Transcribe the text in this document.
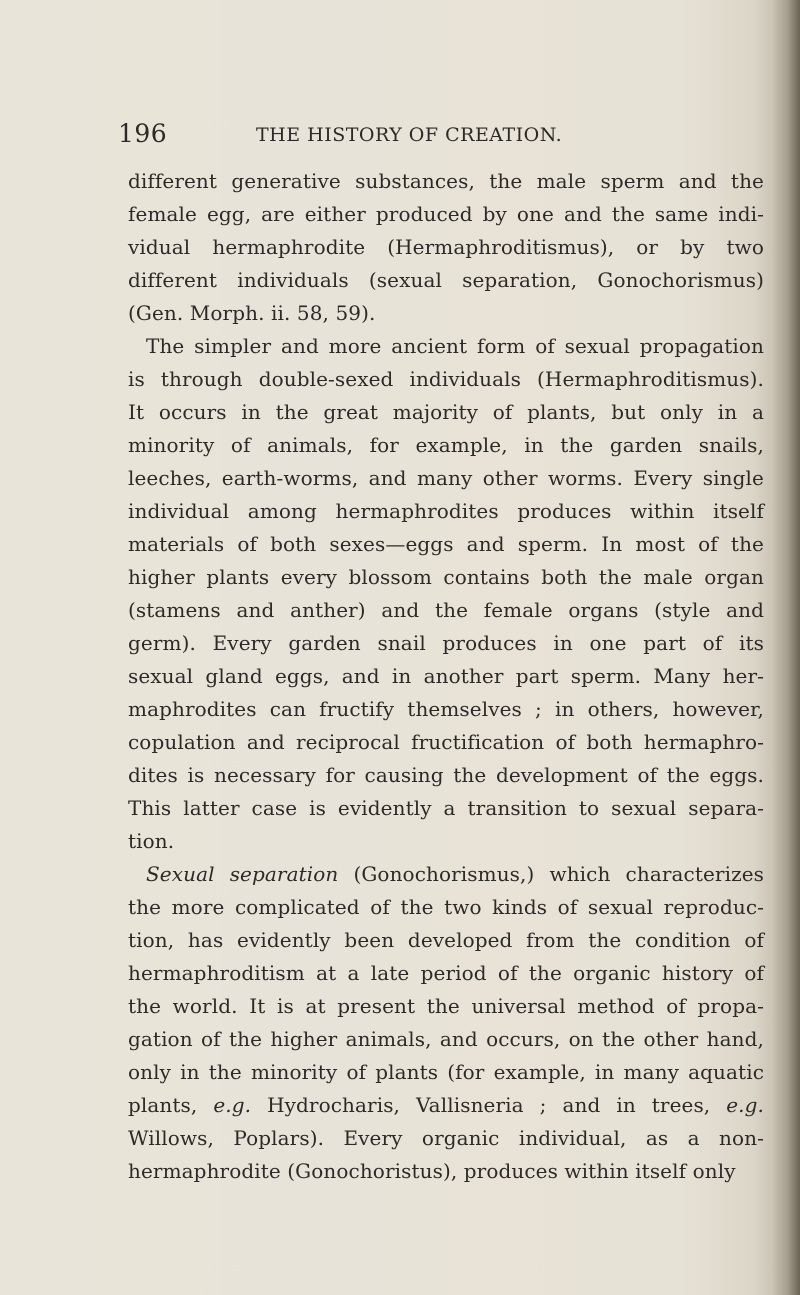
196	THE HISTORY OF CREATION.
different generative substances, the male sperm and the
female egg, are either produced by one and the same indi-
vidual hermaphrodite (Hermaphroditismus), or by two
different individuals (sexual separation, Gonochorismus)
(Gen. Morph. ii. 58, 59).
The simpler and more ancient form of sexual propagation
is through double-sexed individuals (Hermaphroditismus).
It occurs in the great majority of plants, but only in a
minority of animals, for example, in the garden snails,
leeches, earth-worms, and many other worms. Every single
individual among hermaphrodites produces within itself
materials of both sexes—eggs and sperm. In most of the
higher plants every blossom contains both the male organ
(stamens and anther) and the female organs (style and
germ). Every garden snail produces in one part of its
sexual gland eggs, and in another part sperm. Many her-
maphrodites can fructify themselves ; in others, however,
copulation and reciprocal fructification of both hermaphro-
dites is necessary for causing the development of the eggs.
This latter case is evidently a transition to sexual separa-
tion.
Sexual separation (Gonochorismus,) which characterizes
the more complicated of the two kinds of sexual reproduc-
tion, has evidently been developed from the condition of
hermaphroditism at a late period of the organic history of
the world. It is at present the universal method of propa-
gation of the higher animals, and occurs, on the other hand,
only in the minority of plants (for example, in many aquatic
plants, e.g. Hydrocharis, Vallisneria ; and in trees, e.g.
Willows, Poplars). Every organic individual, as a non-
hermaphrodite (Gonochoristus), produces within itself only
